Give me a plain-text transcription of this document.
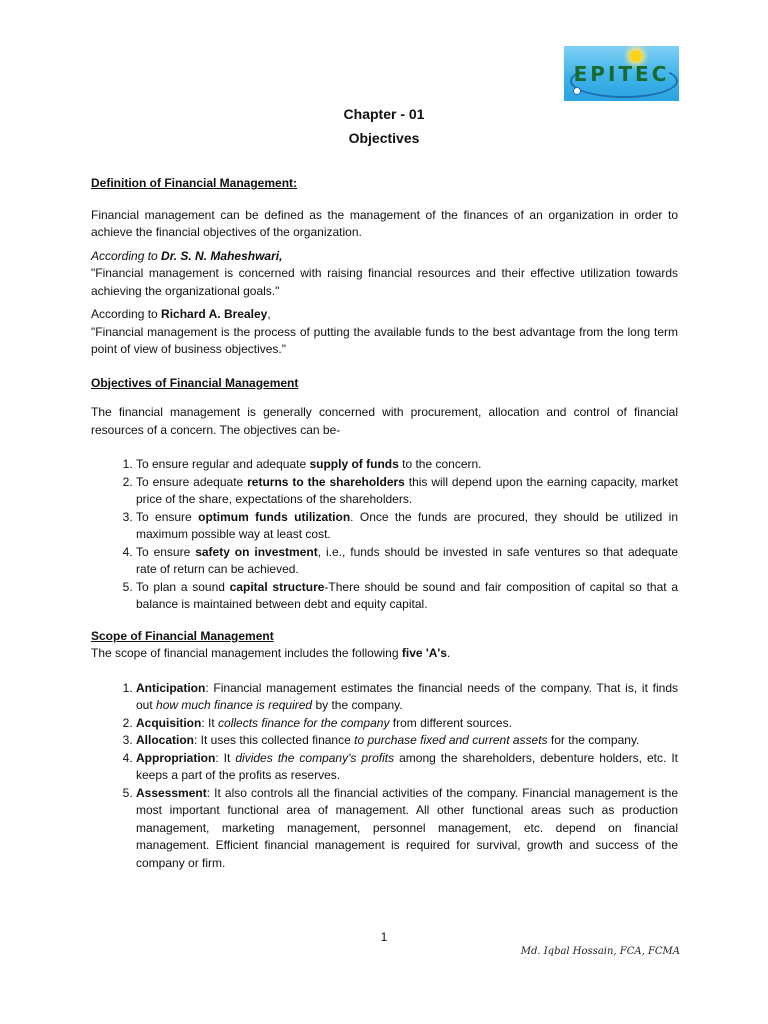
EPITEC
Chapter - 01
Objectives

Definition of Financial Management:

Financial management can be defined as the management of the finances of an organization in order to achieve the financial objectives of the organization.

According to Dr. S. N. Maheshwari,

"Financial management is concerned with raising financial resources and their effective utilization towards achieving the organizational goals."

According to Richard A. Brealey,

"Financial management is the process of putting the available funds to the best advantage from the long term point of view of business objectives."

Objectives of Financial Management

The financial management is generally concerned with procurement, allocation and control of financial resources of a concern. The objectives can be-

1. To ensure regular and adequate supply of funds to the concern.
2. To ensure adequate returns to the shareholders this will depend upon the earning capacity, market price of the share, expectations of the shareholders.
3. To ensure optimum funds utilization. Once the funds are procured, they should be utilized in maximum possible way at least cost.
4. To ensure safety on investment, i.e., funds should be invested in safe ventures so that adequate rate of return can be achieved.
5. To plan a sound capital structure-There should be sound and fair composition of capital so that a balance is maintained between debt and equity capital.

Scope of Financial Management

The scope of financial management includes the following five 'A's.

1. Anticipation: Financial management estimates the financial needs of the company. That is, it finds out how much finance is required by the company.
2. Acquisition: It collects finance for the company from different sources.
3. Allocation: It uses this collected finance to purchase fixed and current assets for the company.
4. Appropriation: It divides the company's profits among the shareholders, debenture holders, etc. It keeps a part of the profits as reserves.
5. Assessment: It also controls all the financial activities of the company. Financial management is the most important functional area of management. All other functional areas such as production management, marketing management, personnel management, etc. depend on financial management. Efficient financial management is required for survival, growth and success of the company or firm.
1
Md. Iqbal Hossain, FCA, FCMA
